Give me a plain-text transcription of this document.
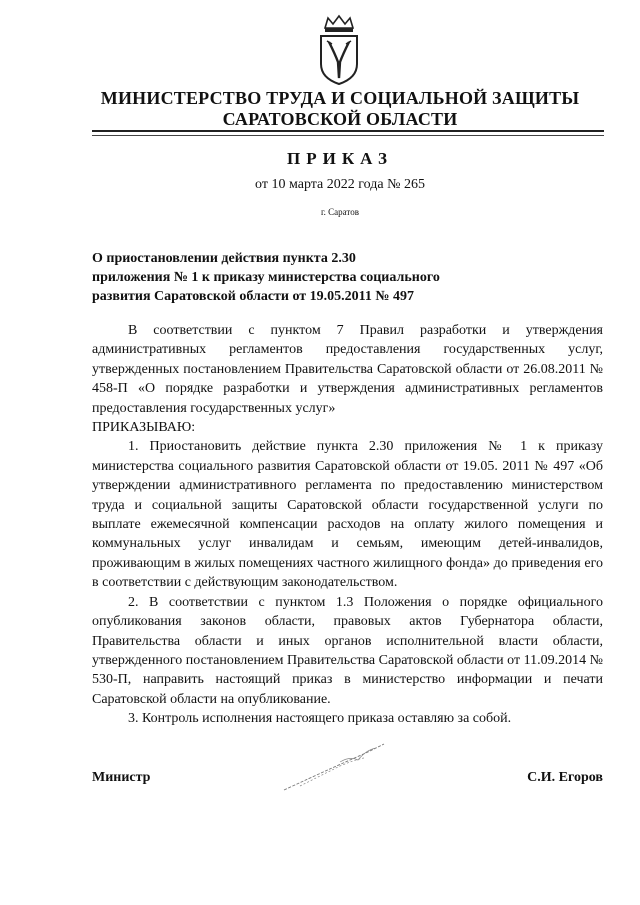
МИНИСТЕРСТВО ТРУДА И СОЦИАЛЬНОЙ ЗАЩИТЫ
САРАТОВСКОЙ ОБЛАСТИ
ПРИКАЗ
от 10 марта 2022 года № 265
г. Саратов
О приостановлении действия пункта 2.30
приложения № 1 к приказу министерства социального
развития Саратовской области от 19.05.2011 № 497

В соответствии с пунктом 7 Правил разработки и утверждения административных регламентов предоставления государственных услуг, утвержденных постановлением Правительства Саратовской области от 26.08.2011 № 458-П «О порядке разработки и утверждения административных регламентов предоставления государственных услуг»

ПРИКАЗЫВАЮ:

1. Приостановить действие пункта 2.30 приложения № 1 к приказу министерства социального развития Саратовской области от 19.05. 2011 № 497 «Об утверждении административного регламента по предоставлению министерством труда и социальной защиты Саратовской области государственной услуги по выплате ежемесячной компенсации расходов на оплату жилого помещения и коммунальных услуг инвалидам и семьям, имеющим детей-инвалидов, проживающим в жилых помещениях частного жилищного фонда» до приведения его в соответствии с действующим законодательством.

2. В соответствии с пунктом 1.3 Положения о порядке официального опубликования законов области, правовых актов Губернатора области, Правительства области и иных органов исполнительной власти области, утвержденного постановлением Правительства Саратовской области от 11.09.2014 № 530-П, направить настоящий приказ в министерство информации и печати Саратовской области на опубликование.

3. Контроль исполнения настоящего приказа оставляю за собой.

Министр	С.И. Егоров
